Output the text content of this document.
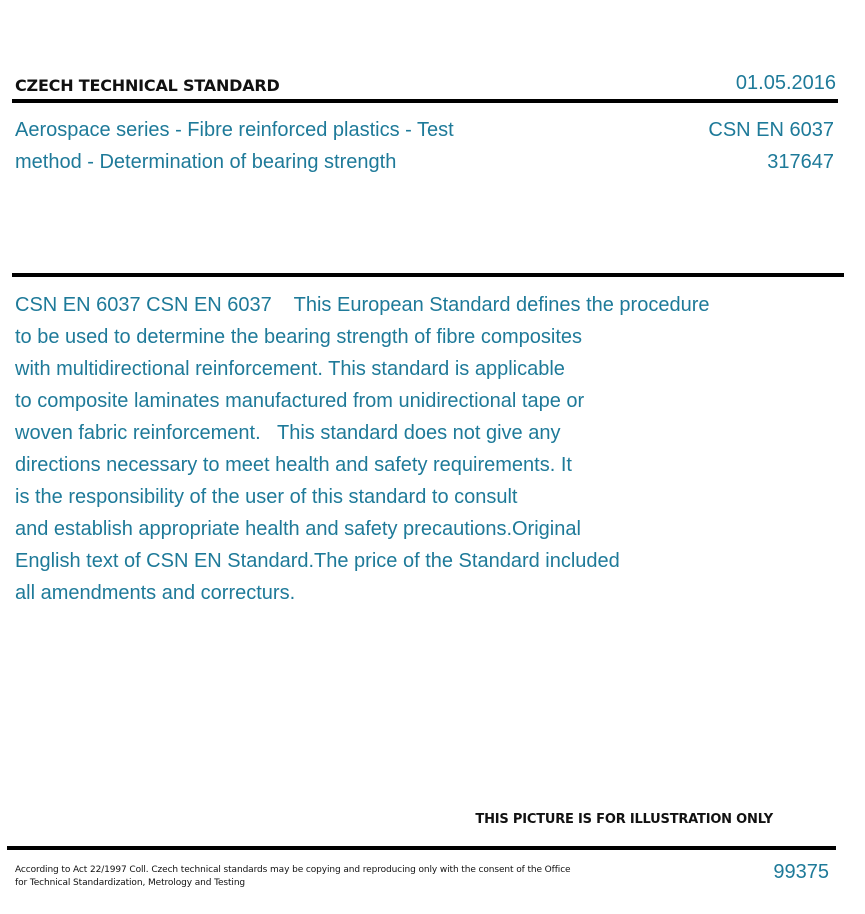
CZECH TECHNICAL STANDARD	01.05.2016
Aerospace series - Fibre reinforced plastics - Test
method - Determination of bearing strength
CSN EN 6037
317647
CSN EN 6037 CSN EN 6037    This European Standard defines the procedure
to be used to determine the bearing strength of fibre composites
with multidirectional reinforcement. This standard is applicable
to composite laminates manufactured from unidirectional tape or
woven fabric reinforcement.   This standard does not give any
directions necessary to meet health and safety requirements. It
is the responsibility of the user of this standard to consult
and establish appropriate health and safety precautions.Original
English text of CSN EN Standard.The price of the Standard included
all amendments and correcturs.
THIS PICTURE IS FOR ILLUSTRATION ONLY
According to Act 22/1997 Coll. Czech technical standards may be copying and reproducing only with the consent of the Office
for Technical Standardization, Metrology and Testing	99375
